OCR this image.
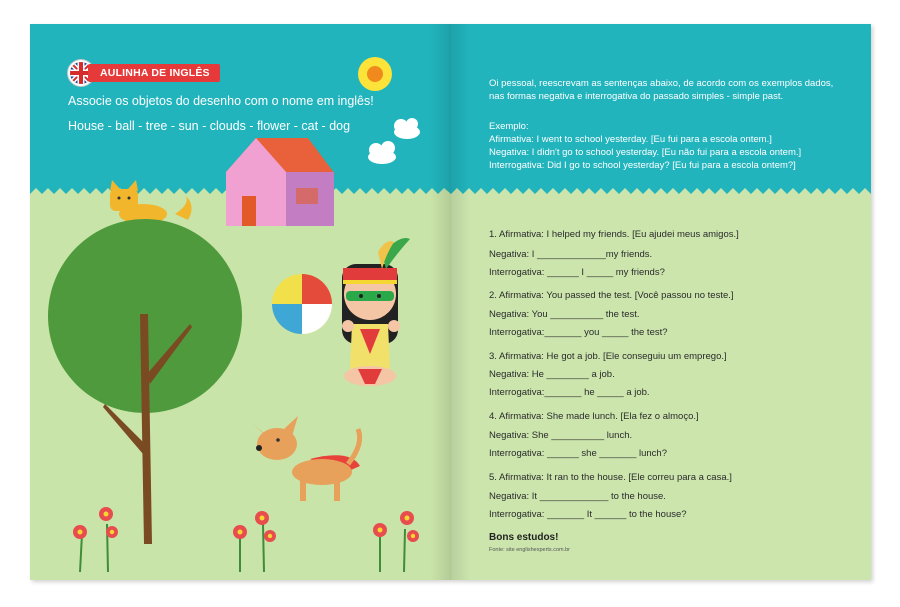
AULINHA DE INGLÊS
Associe os objetos do desenho com o nome em inglês!
House - ball - tree - sun - clouds - flower - cat - dog
Oi pessoal, reescrevam as sentenças abaixo, de acordo com os exemplos dados,
nas formas negativa e interrogativa do passado simples - simple past.
Exemplo:
Afirmativa: I went to school yesterday. [Eu fui para a escola ontem.]
Negativa: I didn't go to school yesterday. [Eu não fui para a escola ontem.]
Interrogativa: Did I go to school yesterday? [Eu fui para a escola ontem?]
1. Afirmativa: I helped my friends. [Eu ajudei meus amigos.]
Negativa: I _____________my friends.
Interrogativa: ______ I _____ my friends?
2. Afirmativa: You passed the test. [Você passou no teste.]
Negativa: You __________ the test.
Interrogativa:_______ you _____ the test?
3. Afirmativa: He got a job. [Ele conseguiu um emprego.]
Negativa: He ________ a job.
Interrogativa:_______ he _____ a job.
4. Afirmativa: She made lunch. [Ela fez o almoço.]
Negativa: She __________ lunch.
Interrogativa: ______ she _______ lunch?
5. Afirmativa: It ran to the house. [Ele correu para a casa.]
Negativa: It _____________ to the house.
Interrogativa: _______ It ______ to the house?
Bons estudos!
Fonte: site englishexperts.com.br
